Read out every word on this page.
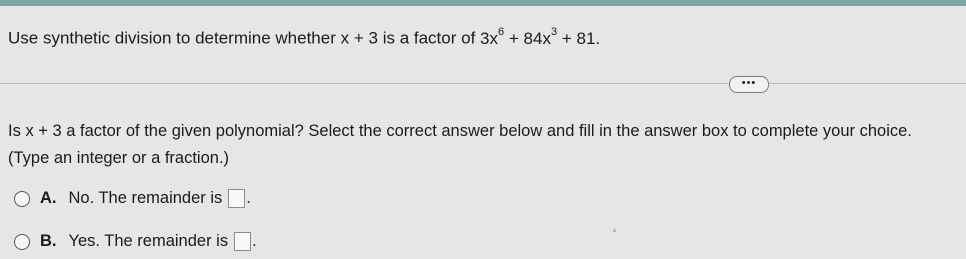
Use synthetic division to determine whether x + 3 is a factor of $3x^6 + 84x^3 + 81$.
•••
Is x + 3 a factor of the given polynomial? Select the correct answer below and fill in the answer box to complete your choice.
(Type an integer or a fraction.)
A. No. The remainder is .
B. Yes. The remainder is .
⸗
